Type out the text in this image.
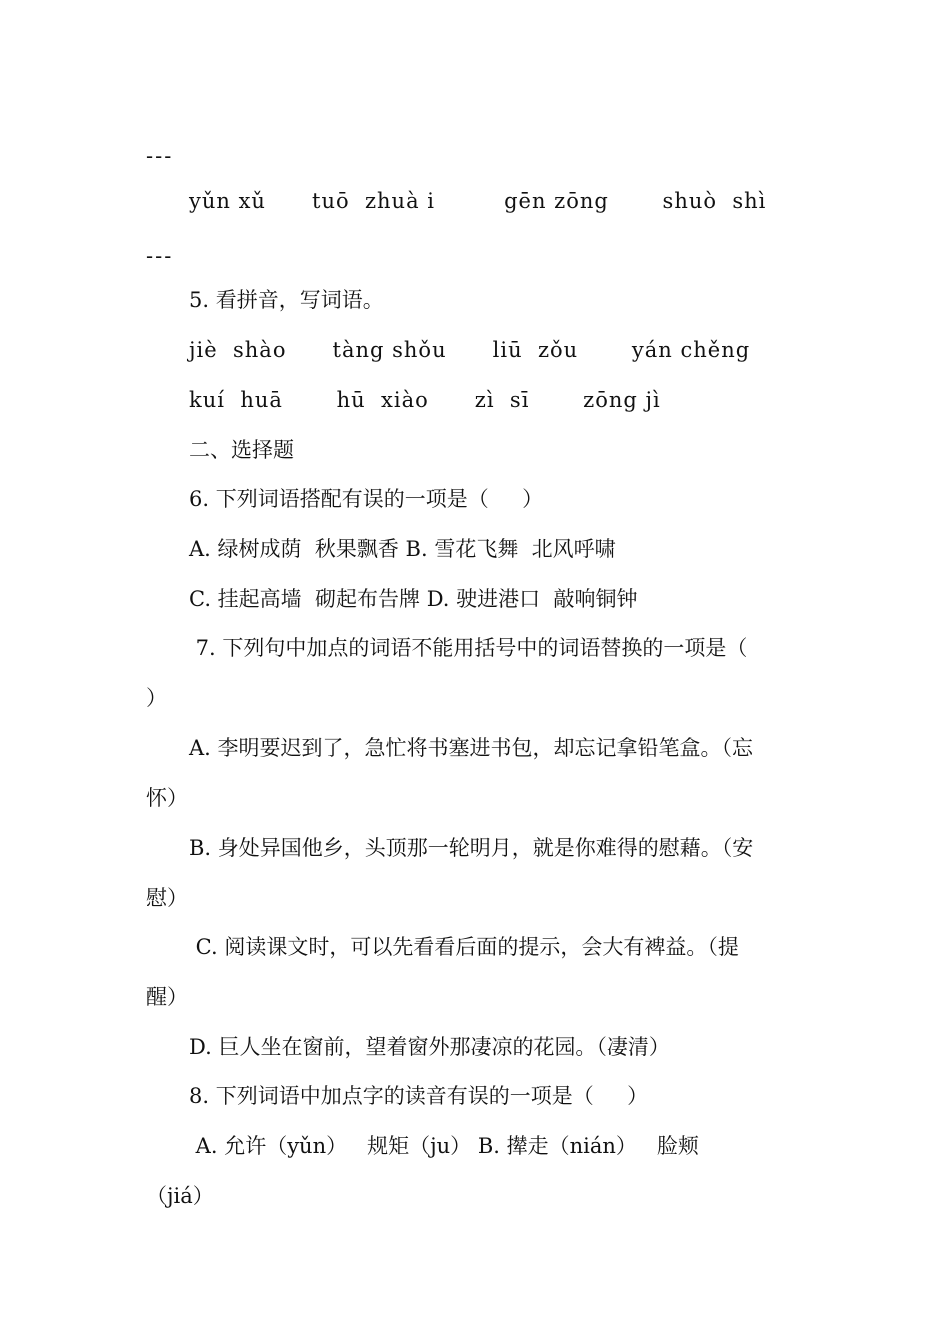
---
yǔn xǔ      tuō  zhuà i         gēn zōng       shuò  shì
---
5. 看拼音，写词语。
jiè  shào      tàng shǒu      liū  zǒu       yán chěng
kuí  huā       hū  xiào      zì  sī       zōng jì
二、选择题
6. 下列词语搭配有误的一项是（     ）
A. 绿树成荫  秋果飘香 B. 雪花飞舞  北风呼啸
C. 挂起高墙  砌起布告牌 D. 驶进港口  敲响铜钟
7. 下列句中加点的词语不能用括号中的词语替换的一项是（
）
A. 李明要迟到了，急忙将书塞进书包，却忘记拿铅笔盒。（忘
怀）
B. 身处异国他乡，头顶那一轮明月，就是你难得的慰藉。（安
慰）
C. 阅读课文时，可以先看看后面的提示，会大有裨益。（提
醒）
D. 巨人坐在窗前，望着窗外那凄凉的花园。（凄清）
8. 下列词语中加点字的读音有误的一项是（     ）
A. 允许（yǔn）   规矩（ju） B. 撵走（nián）   脸颊
（jiá）
